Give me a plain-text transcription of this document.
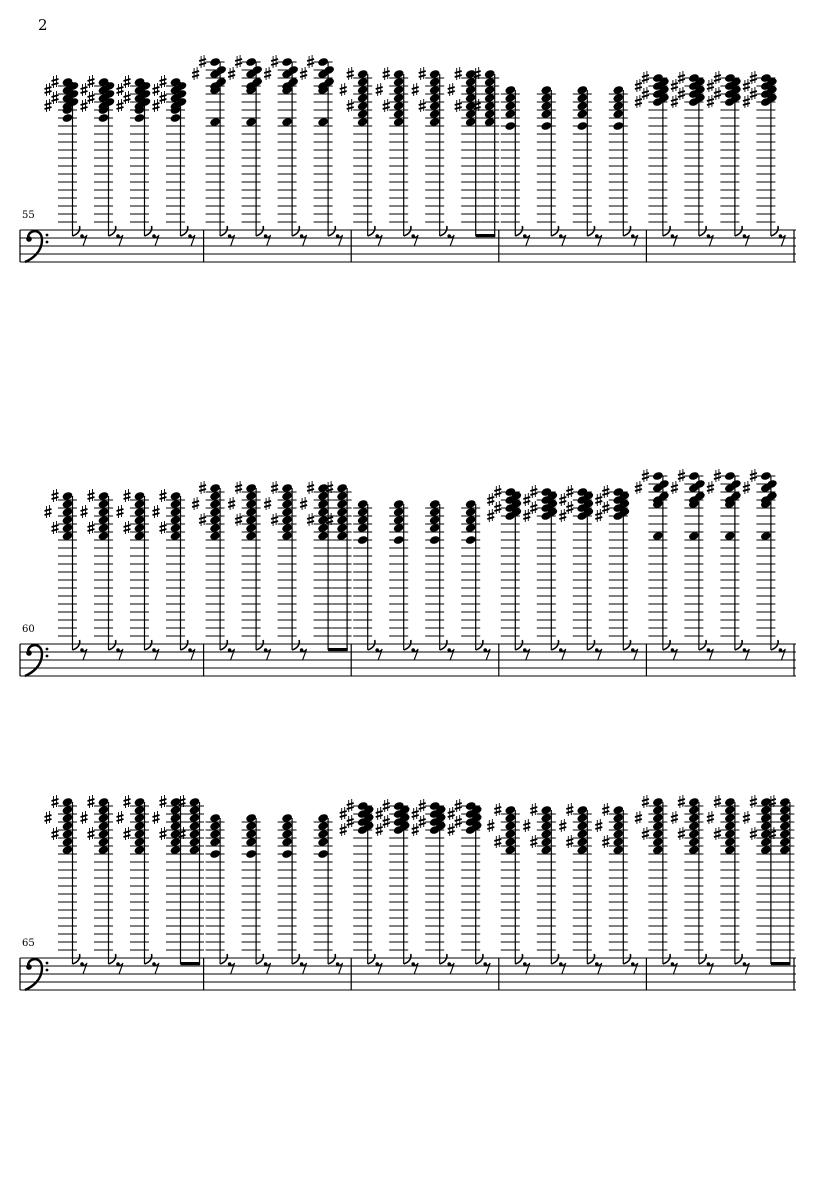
2
55
60
65
